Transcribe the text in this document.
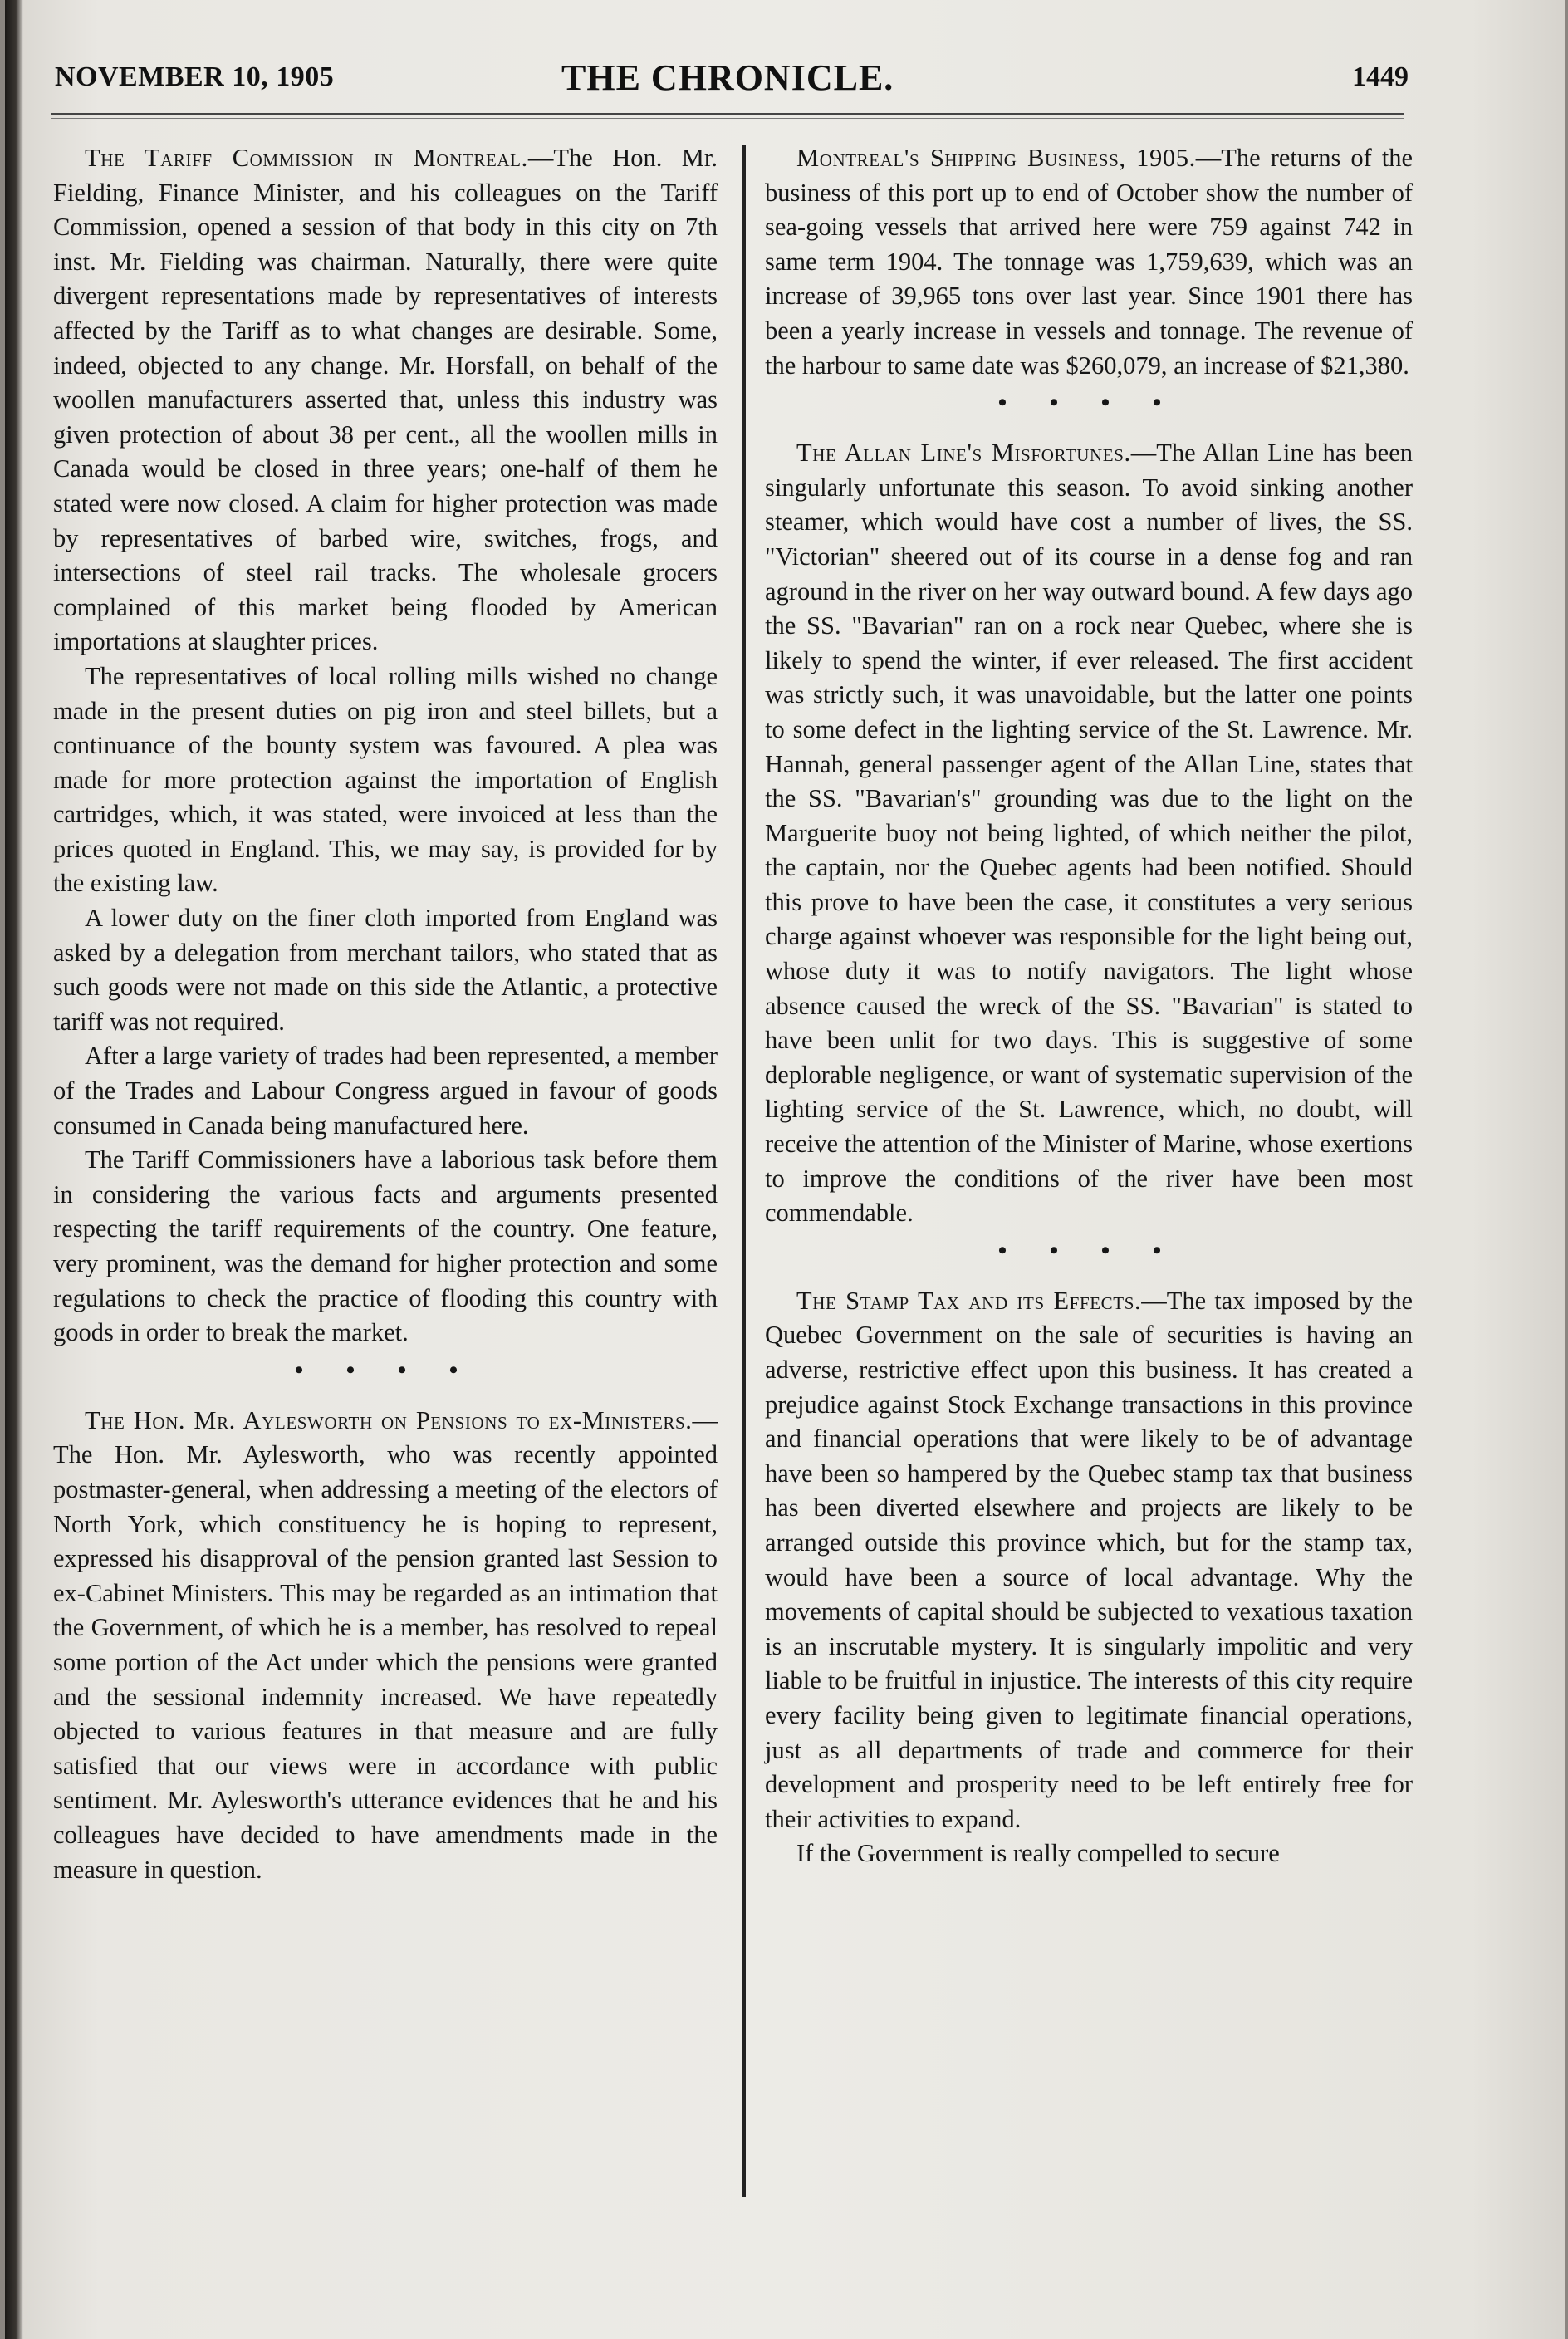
NOVEMBER 10, 1905	THE CHRONICLE.	1449

The Tariff Commission in Montreal.—The Hon. Mr. Fielding, Finance Minister, and his colleagues on the Tariff Commission, opened a session of that body in this city on 7th inst. Mr. Fielding was chairman. Naturally, there were quite divergent representations made by representatives of interests affected by the Tariff as to what changes are desirable. Some, indeed, objected to any change. Mr. Horsfall, on behalf of the woollen manufacturers asserted that, unless this industry was given protection of about 38 per cent., all the woollen mills in Canada would be closed in three years; one-half of them he stated were now closed. A claim for higher protection was made by representatives of barbed wire, switches, frogs, and intersections of steel rail tracks. The wholesale grocers complained of this market being flooded by American importations at slaughter prices.

The representatives of local rolling mills wished no change made in the present duties on pig iron and steel billets, but a continuance of the bounty system was favoured. A plea was made for more protection against the importation of English cartridges, which, it was stated, were invoiced at less than the prices quoted in England. This, we may say, is provided for by the existing law.

A lower duty on the finer cloth imported from England was asked by a delegation from merchant tailors, who stated that as such goods were not made on this side the Atlantic, a protective tariff was not required.

After a large variety of trades had been represented, a member of the Trades and Labour Congress argued in favour of goods consumed in Canada being manufactured here.

The Tariff Commissioners have a laborious task before them in considering the various facts and arguments presented respecting the tariff requirements of the country. One feature, very prominent, was the demand for higher protection and some regulations to check the practice of flooding this country with goods in order to break the market.

• • • •

The Hon. Mr. Aylesworth on Pensions to ex-Ministers.—The Hon. Mr. Aylesworth, who was recently appointed postmaster-general, when addressing a meeting of the electors of North York, which constituency he is hoping to represent, expressed his disapproval of the pension granted last Session to ex-Cabinet Ministers. This may be regarded as an intimation that the Government, of which he is a member, has resolved to repeal some portion of the Act under which the pensions were granted and the sessional indemnity increased. We have repeatedly objected to various features in that measure and are fully satisfied that our views were in accordance with public sentiment. Mr. Aylesworth's utterance evidences that he and his colleagues have decided to have amendments made in the measure in question.

Montreal's Shipping Business, 1905.—The returns of the business of this port up to end of October show the number of sea-going vessels that arrived here were 759 against 742 in same term 1904. The tonnage was 1,759,639, which was an increase of 39,965 tons over last year. Since 1901 there has been a yearly increase in vessels and tonnage. The revenue of the harbour to same date was $260,079, an increase of $21,380.

• • • •

The Allan Line's Misfortunes.—The Allan Line has been singularly unfortunate this season. To avoid sinking another steamer, which would have cost a number of lives, the SS. "Victorian" sheered out of its course in a dense fog and ran aground in the river on her way outward bound. A few days ago the SS. "Bavarian" ran on a rock near Quebec, where she is likely to spend the winter, if ever released. The first accident was strictly such, it was unavoidable, but the latter one points to some defect in the lighting service of the St. Lawrence. Mr. Hannah, general passenger agent of the Allan Line, states that the SS. "Bavarian's" grounding was due to the light on the Marguerite buoy not being lighted, of which neither the pilot, the captain, nor the Quebec agents had been notified. Should this prove to have been the case, it constitutes a very serious charge against whoever was responsible for the light being out, whose duty it was to notify navigators. The light whose absence caused the wreck of the SS. "Bavarian" is stated to have been unlit for two days. This is suggestive of some deplorable negligence, or want of systematic supervision of the lighting service of the St. Lawrence, which, no doubt, will receive the attention of the Minister of Marine, whose exertions to improve the conditions of the river have been most commendable.

• • • •

The Stamp Tax and its Effects.—The tax imposed by the Quebec Government on the sale of securities is having an adverse, restrictive effect upon this business. It has created a prejudice against Stock Exchange transactions in this province and financial operations that were likely to be of advantage have been so hampered by the Quebec stamp tax that business has been diverted elsewhere and projects are likely to be arranged outside this province which, but for the stamp tax, would have been a source of local advantage. Why the movements of capital should be subjected to vexatious taxation is an inscrutable mystery. It is singularly impolitic and very liable to be fruitful in injustice. The interests of this city require every facility being given to legitimate financial operations, just as all departments of trade and commerce for their development and prosperity need to be left entirely free for their activities to expand.

If the Government is really compelled to secure
